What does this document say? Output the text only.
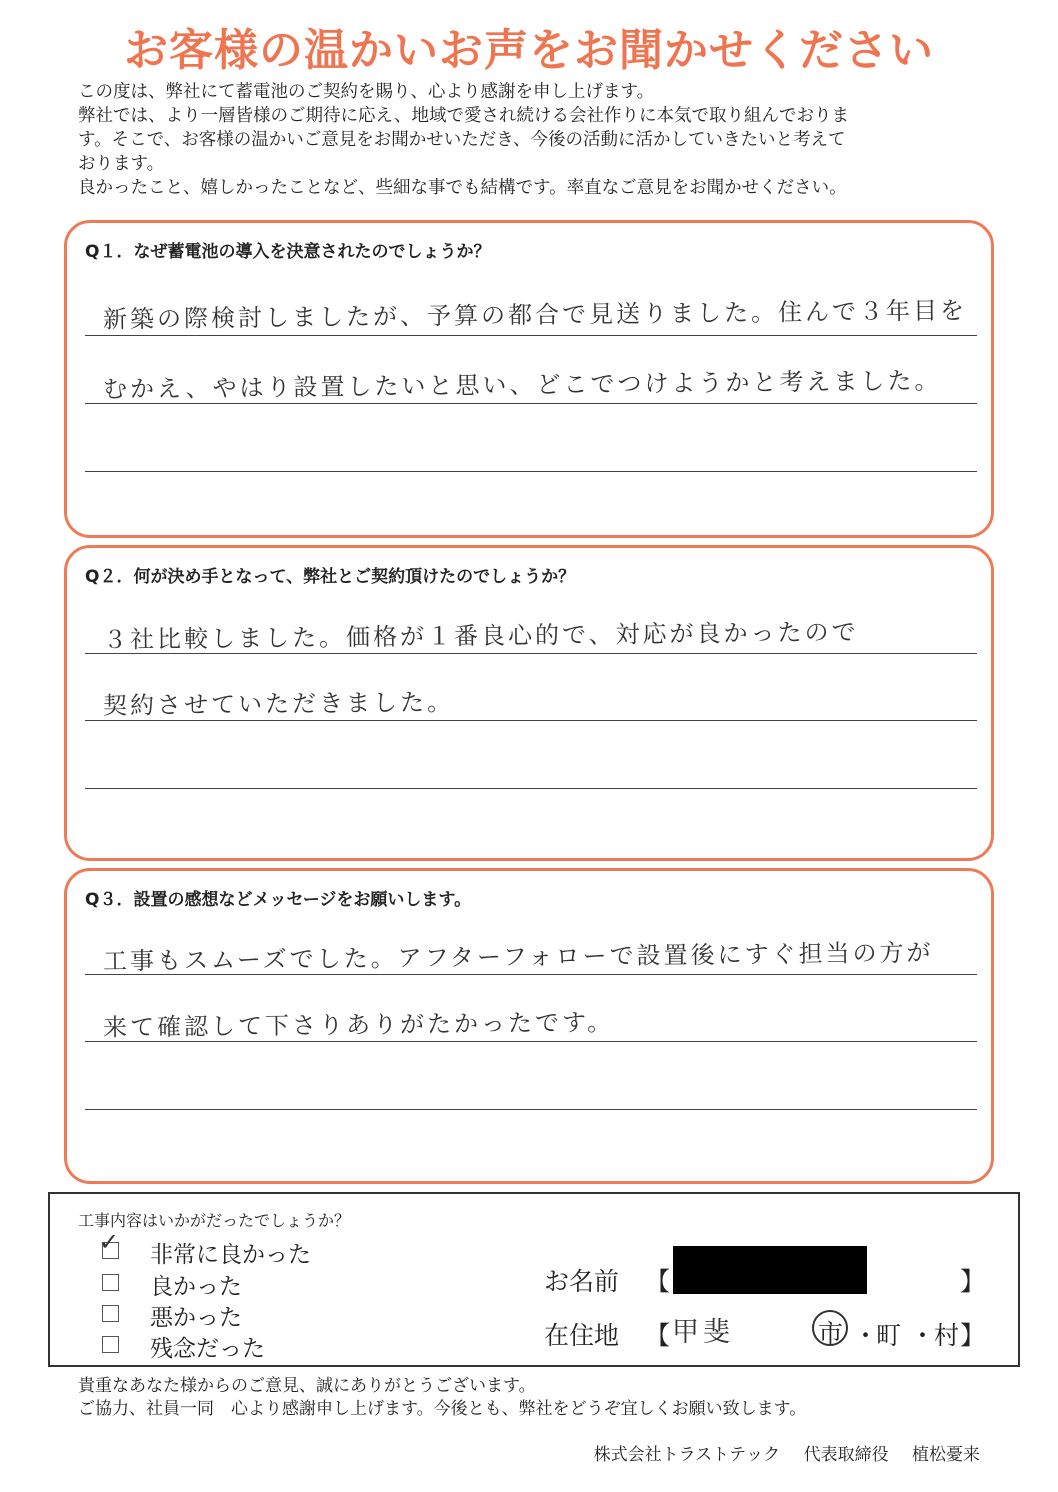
お客様の温かいお声をお聞かせください
この度は、弊社にて蓄電池のご契約を賜り、心より感謝を申し上げます。
弊社では、より一層皆様のご期待に応え、地域で愛され続ける会社作りに本気で取り組んでおりま
す。そこで、お客様の温かいご意見をお聞かせいただき、今後の活動に活かしていきたいと考えて
おります。
良かったこと、嬉しかったことなど、些細な事でも結構です。率直なご意見をお聞かせください。
Q１．なぜ蓄電池の導入を決意されたのでしょうか？
新築の際検討しましたが、予算の都合で見送りました。住んで３年目を
むかえ、やはり設置したいと思い、どこでつけようかと考えました。
Q２．何が決め手となって、弊社とご契約頂けたのでしょうか？
３社比較しました。価格が１番良心的で、対応が良かったので
契約させていただきました。
Q３．設置の感想などメッセージをお願いします。
工事もスムーズでした。アフターフォローで設置後にすぐ担当の方が
来て確認して下さりありがたかったです。
工事内容はいかがだったでしょうか？
✓ 非常に良かった
良かった
悪かった
残念だった
お名前 【	】
在住地 【 甲斐	市 ・
町 ・
村 】
貴重なあなた様からのご意見、誠にありがとうございます。
ご協力、社員一同　心より感謝申し上げます。今後とも、弊社をどうぞ宜しくお願い致します。
株式会社トラストテック 代表取締役 植松憂来
